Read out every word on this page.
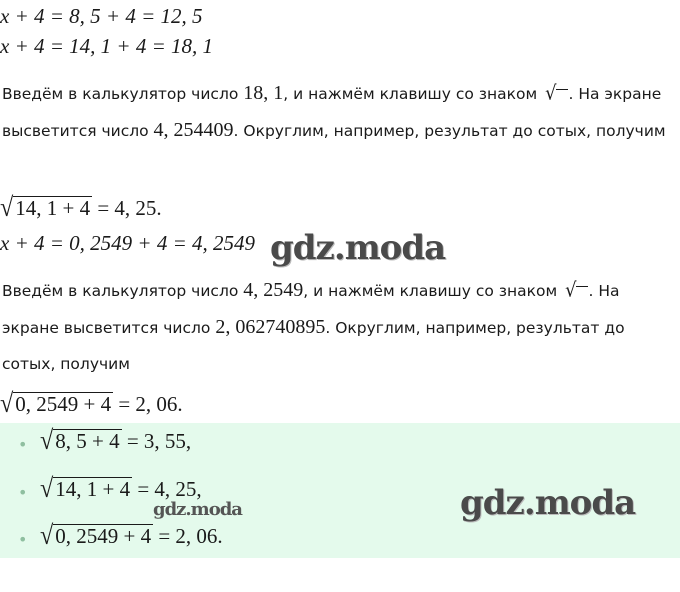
x + 4 = 8, 5 + 4 = 12, 5
x + 4 = 14, 1 + 4 = 18, 1
Введём в калькулятор число 18, 1, и нажмём клавишу со знаком √ . На экране высветится число 4, 254409. Округлим, например, результат до сотых, получим
√ 14, 1 + 4 = 4, 25.
x + 4 = 0, 2549 + 4 = 4, 2549 gdz.moda
Введём в калькулятор число 4, 2549, и нажмём клавишу со знаком √ . На экране высветится число 2, 062740895. Округлим, например, результат до сотых, получим
√ 0, 2549 + 4 = 2, 06.
• √ 8, 5 + 4 = 3, 55,
• √ 14, 1 + 4 = 4, 25,
• √ 0, 2549 + 4 = 2, 06.
gdz.moda	gdz.moda
